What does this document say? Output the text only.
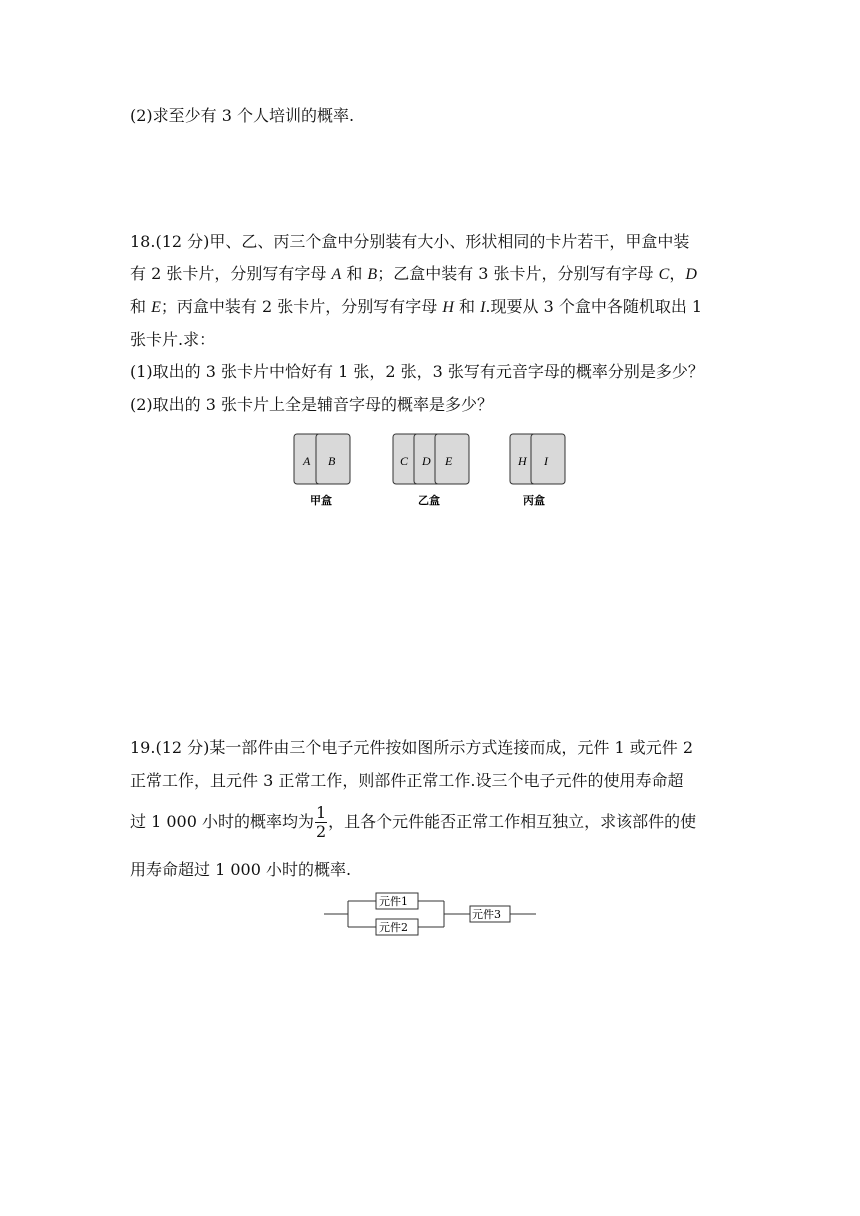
(2)求至少有 3 个人培训的概率.
18.(12 分)甲、乙、丙三个盒中分别装有大小、形状相同的卡片若干，甲盒中装
有 2 张卡片，分别写有字母 A 和 B；乙盒中装有 3 张卡片，分别写有字母 C，D
和 E；丙盒中装有 2 张卡片，分别写有字母 H 和 I.现要从 3 个盒中各随机取出 1
张卡片.求：
(1)取出的 3 张卡片中恰好有 1 张，2 张，3 张写有元音字母的概率分别是多少？
(2)取出的 3 张卡片上全是辅音字母的概率是多少？
A B
甲盒
C D E
乙盒
H I
丙盒
19.(12 分)某一部件由三个电子元件按如图所示方式连接而成，元件 1 或元件 2
正常工作，且元件 3 正常工作，则部件正常工作.设三个电子元件的使用寿命超
过 1 000 小时的概率均为 $\frac{1}{2}$ ，且各个元件能否正常工作相互独立，求该部件的使
用寿命超过 1 000 小时的概率.
元件1
元件2
元件3
